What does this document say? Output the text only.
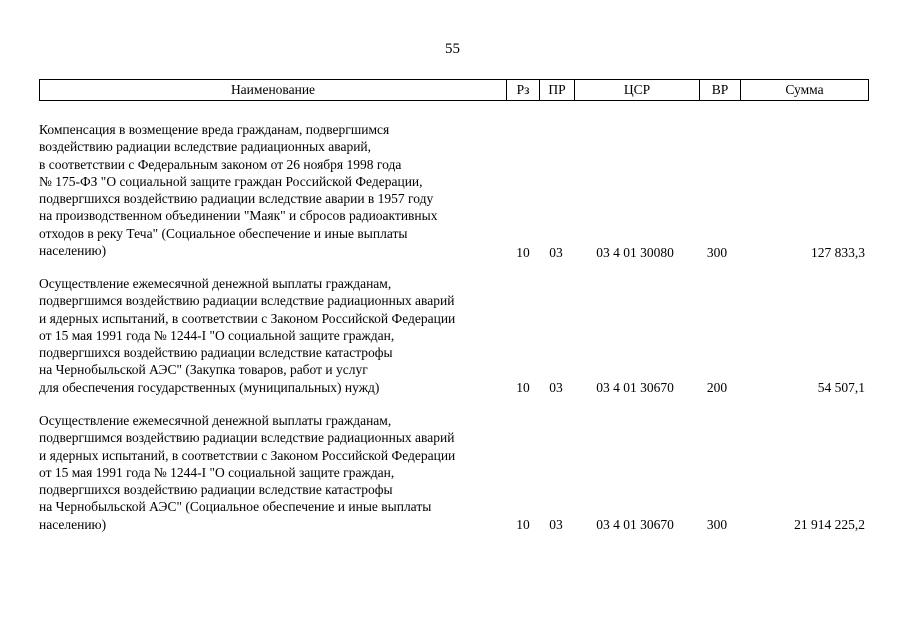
55
Наименование	Рз	ПР	ЦСР	ВР	Сумма
Компенсация в возмещение вреда гражданам, подвергшимся
воздействию радиации вследствие радиационных аварий,
в соответствии с Федеральным законом от 26 ноября 1998 года
№ 175-ФЗ "О социальной защите граждан Российской Федерации,
подвергшихся воздействию радиации вследствие аварии в 1957 году
на производственном объединении "Маяк" и сбросов радиоактивных
отходов в реку Теча" (Социальное обеспечение и иные выплаты
населению)	10	03	03 4 01 30080	300	127 833,3
Осуществление ежемесячной денежной выплаты гражданам,
подвергшимся воздействию радиации вследствие радиационных аварий
и ядерных испытаний, в соответствии с Законом Российской Федерации
от 15 мая 1991 года № 1244-I "О социальной защите граждан,
подвергшихся воздействию радиации вследствие катастрофы
на Чернобыльской АЭС" (Закупка товаров, работ и услуг
для обеспечения государственных (муниципальных) нужд)	10	03	03 4 01 30670	200	54 507,1
Осуществление ежемесячной денежной выплаты гражданам,
подвергшимся воздействию радиации вследствие радиационных аварий
и ядерных испытаний, в соответствии с Законом Российской Федерации
от 15 мая 1991 года № 1244-I "О социальной защите граждан,
подвергшихся воздействию радиации вследствие катастрофы
на Чернобыльской АЭС" (Социальное обеспечение и иные выплаты
населению)	10	03	03 4 01 30670	300	21 914 225,2
